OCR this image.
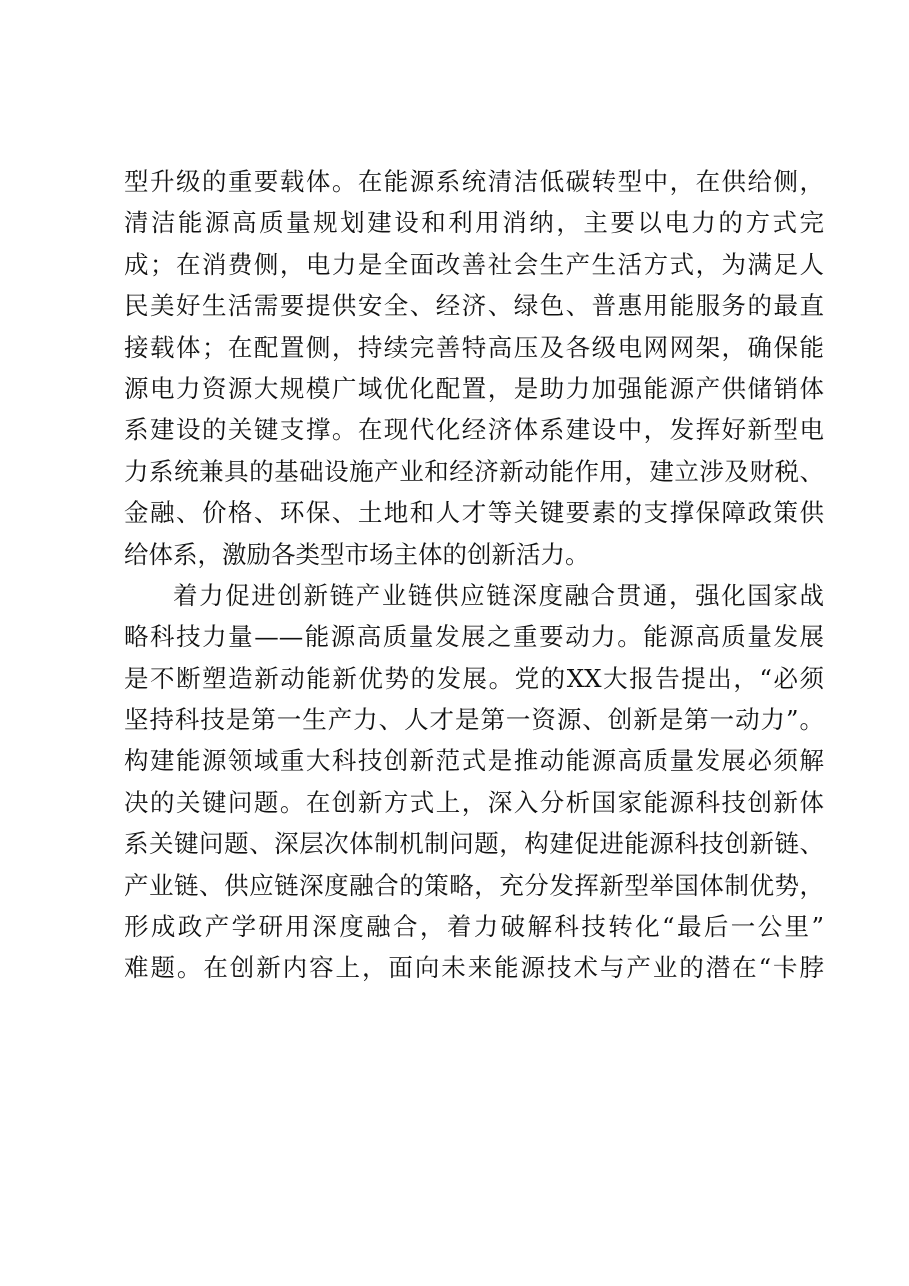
型升级的重要载体。在能源系统清洁低碳转型中，在供给侧，
清洁能源高质量规划建设和利用消纳，主要以电力的方式完
成；在消费侧，电力是全面改善社会生产生活方式，为满足人
民美好生活需要提供安全、经济、绿色、普惠用能服务的最直
接载体；在配置侧，持续完善特高压及各级电网网架，确保能
源电力资源大规模广域优化配置，是助力加强能源产供储销体
系建设的关键支撑。在现代化经济体系建设中，发挥好新型电
力系统兼具的基础设施产业和经济新动能作用，建立涉及财税、
金融、价格、环保、土地和人才等关键要素的支撑保障政策供
给体系，激励各类型市场主体的创新活力。
着力促进创新链产业链供应链深度融合贯通，强化国家战
略科技力量——能源高质量发展之重要动力。能源高质量发展
是不断塑造新动能新优势的发展。党的XX大报告提出，“必须
坚持科技是第一生产力、人才是第一资源、创新是第一动力”。
构建能源领域重大科技创新范式是推动能源高质量发展必须解
决的关键问题。在创新方式上，深入分析国家能源科技创新体
系关键问题、深层次体制机制问题，构建促进能源科技创新链、
产业链、供应链深度融合的策略，充分发挥新型举国体制优势，
形成政产学研用深度融合，着力破解科技转化“最后一公里”
难题。在创新内容上，面向未来能源技术与产业的潜在“卡脖
